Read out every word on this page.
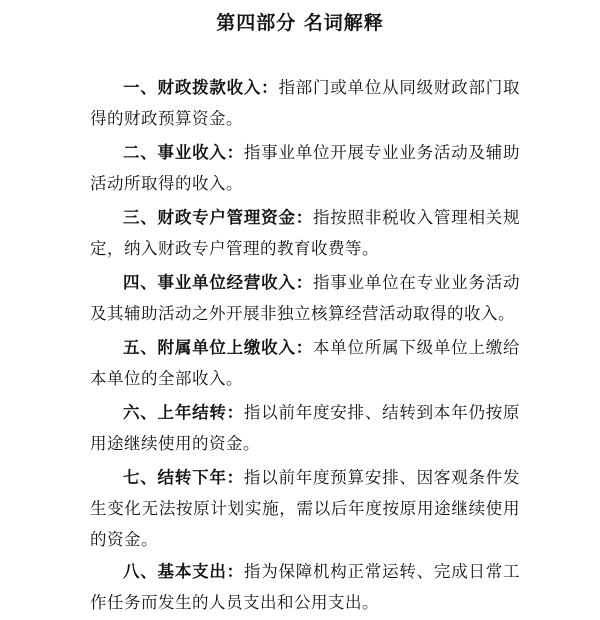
第四部分 名词解释

一、财政拨款收入：指部门或单位从同级财政部门取得的财政预算资金。

二、事业收入：指事业单位开展专业业务活动及辅助活动所取得的收入。

三、财政专户管理资金：指按照非税收入管理相关规定，纳入财政专户管理的教育收费等。

四、事业单位经营收入：指事业单位在专业业务活动及其辅助活动之外开展非独立核算经营活动取得的收入。

五、附属单位上缴收入：本单位所属下级单位上缴给本单位的全部收入。

六、上年结转：指以前年度安排、结转到本年仍按原用途继续使用的资金。

七、结转下年：指以前年度预算安排、因客观条件发生变化无法按原计划实施，需以后年度按原用途继续使用的资金。

八、基本支出：指为保障机构正常运转、完成日常工作任务而发生的人员支出和公用支出。
